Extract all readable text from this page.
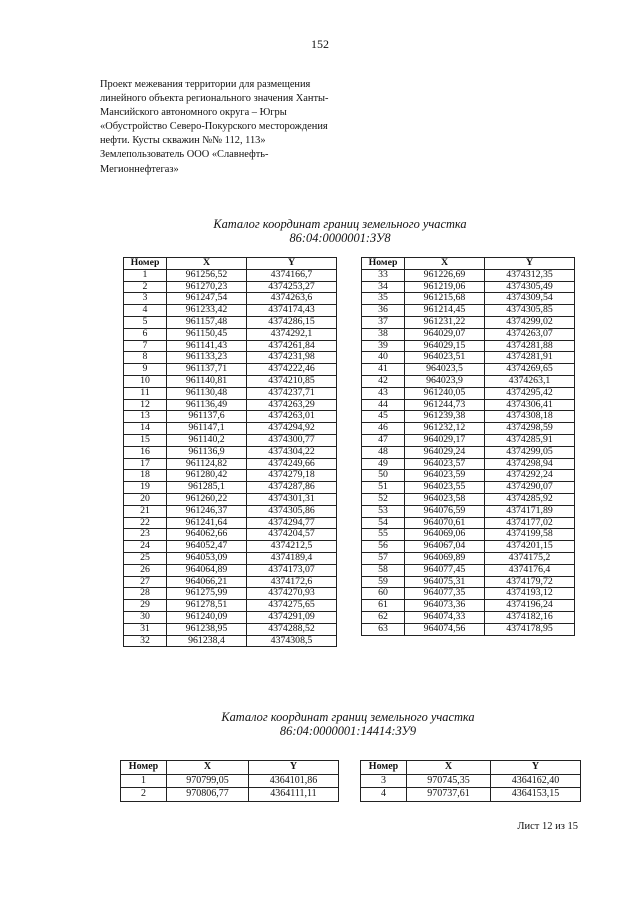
152
Проект межевания территории для размещения
линейного объекта регионального значения Ханты-
Мансийского автономного округа – Югры
«Обустройство Северо-Покурского месторождения
нефти. Кусты скважин №№ 112, 113»
Землепользователь ООО «Славнефть-
Мегионнефтегаз»
Каталог координат границ земельного участка
86:04:0000001:ЗУ8
Номер	X	Y
1	961256,52	4374166,7
2	961270,23	4374253,27
3	961247,54	4374263,6
4	961233,42	4374174,43
5	961157,48	4374286,15
6	961150,45	4374292,1
7	961141,43	4374261,84
8	961133,23	4374231,98
9	961137,71	4374222,46
10	961140,81	4374210,85
11	961130,48	4374237,71
12	961136,49	4374263,29
13	961137,6	4374263,01
14	961147,1	4374294,92
15	961140,2	4374300,77
16	961136,9	4374304,22
17	961124,82	4374249,66
18	961280,42	4374279,18
19	961285,1	4374287,86
20	961260,22	4374301,31
21	961246,37	4374305,86
22	961241,64	4374294,77
23	964062,66	4374204,57
24	964052,47	4374212,5
25	964053,09	4374189,4
26	964064,89	4374173,07
27	964066,21	4374172,6
28	961275,99	4374270,93
29	961278,51	4374275,65
30	961240,09	4374291,09
31	961238,95	4374288,52
32	961238,4	4374308,5
Номер	X	Y
33	961226,69	4374312,35
34	961219,06	4374305,49
35	961215,68	4374309,54
36	961214,45	4374305,85
37	961231,22	4374299,02
38	964029,07	4374263,07
39	964029,15	4374281,88
40	964023,51	4374281,91
41	964023,5	4374269,65
42	964023,9	4374263,1
43	961240,05	4374295,42
44	961244,73	4374306,41
45	961239,38	4374308,18
46	961232,12	4374298,59
47	964029,17	4374285,91
48	964029,24	4374299,05
49	964023,57	4374298,94
50	964023,59	4374292,24
51	964023,55	4374290,07
52	964023,58	4374285,92
53	964076,59	4374171,89
54	964070,61	4374177,02
55	964069,06	4374199,58
56	964067,04	4374201,15
57	964069,89	4374175,2
58	964077,45	4374176,4
59	964075,31	4374179,72
60	964077,35	4374193,12
61	964073,36	4374196,24
62	964074,33	4374182,16
63	964074,56	4374178,95
Каталог координат границ земельного участка
86:04:0000001:14414:ЗУ9
Номер	X	Y
1	970799,05	4364101,86
2	970806,77	4364111,11
Номер	X	Y
3	970745,35	4364162,40
4	970737,61	4364153,15
Лист 12 из 15
